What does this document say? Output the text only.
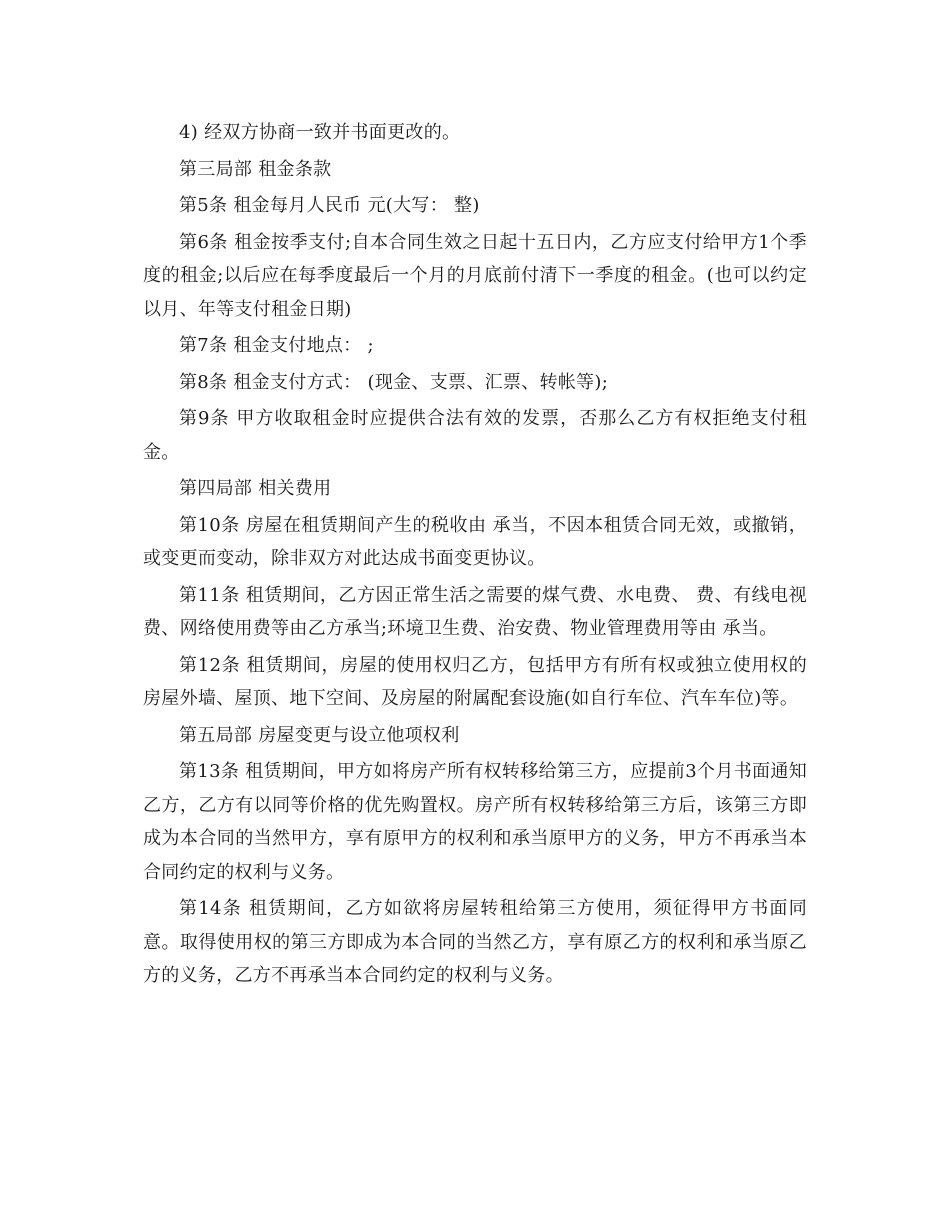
4) 经双方协商一致并书面更改的。

第三局部 租金条款

第5条 租金每月人民币 元(大写： 整)

第6条 租金按季支付;自本合同生效之日起十五日内，乙方应支付给甲方1个季度的租金;以后应在每季度最后一个月的月底前付清下一季度的租金。(也可以约定以月、年等支付租金日期)

第7条 租金支付地点： ;

第8条 租金支付方式： (现金、支票、汇票、转帐等);

第9条 甲方收取租金时应提供合法有效的发票，否那么乙方有权拒绝支付租金。

第四局部 相关费用

第10条 房屋在租赁期间产生的税收由 承当，不因本租赁合同无效，或撤销，或变更而变动，除非双方对此达成书面变更协议。

第11条 租赁期间，乙方因正常生活之需要的煤气费、水电费、 费、有线电视费、网络使用费等由乙方承当;环境卫生费、治安费、物业管理费用等由 承当。

第12条 租赁期间，房屋的使用权归乙方，包括甲方有所有权或独立使用权的房屋外墙、屋顶、地下空间、及房屋的附属配套设施(如自行车位、汽车车位)等。

第五局部 房屋变更与设立他项权利

第13条 租赁期间，甲方如将房产所有权转移给第三方，应提前3个月书面通知乙方，乙方有以同等价格的优先购置权。房产所有权转移给第三方后，该第三方即成为本合同的当然甲方，享有原甲方的权利和承当原甲方的义务，甲方不再承当本合同约定的权利与义务。

第14条 租赁期间，乙方如欲将房屋转租给第三方使用，须征得甲方书面同意。取得使用权的第三方即成为本合同的当然乙方，享有原乙方的权利和承当原乙方的义务，乙方不再承当本合同约定的权利与义务。
